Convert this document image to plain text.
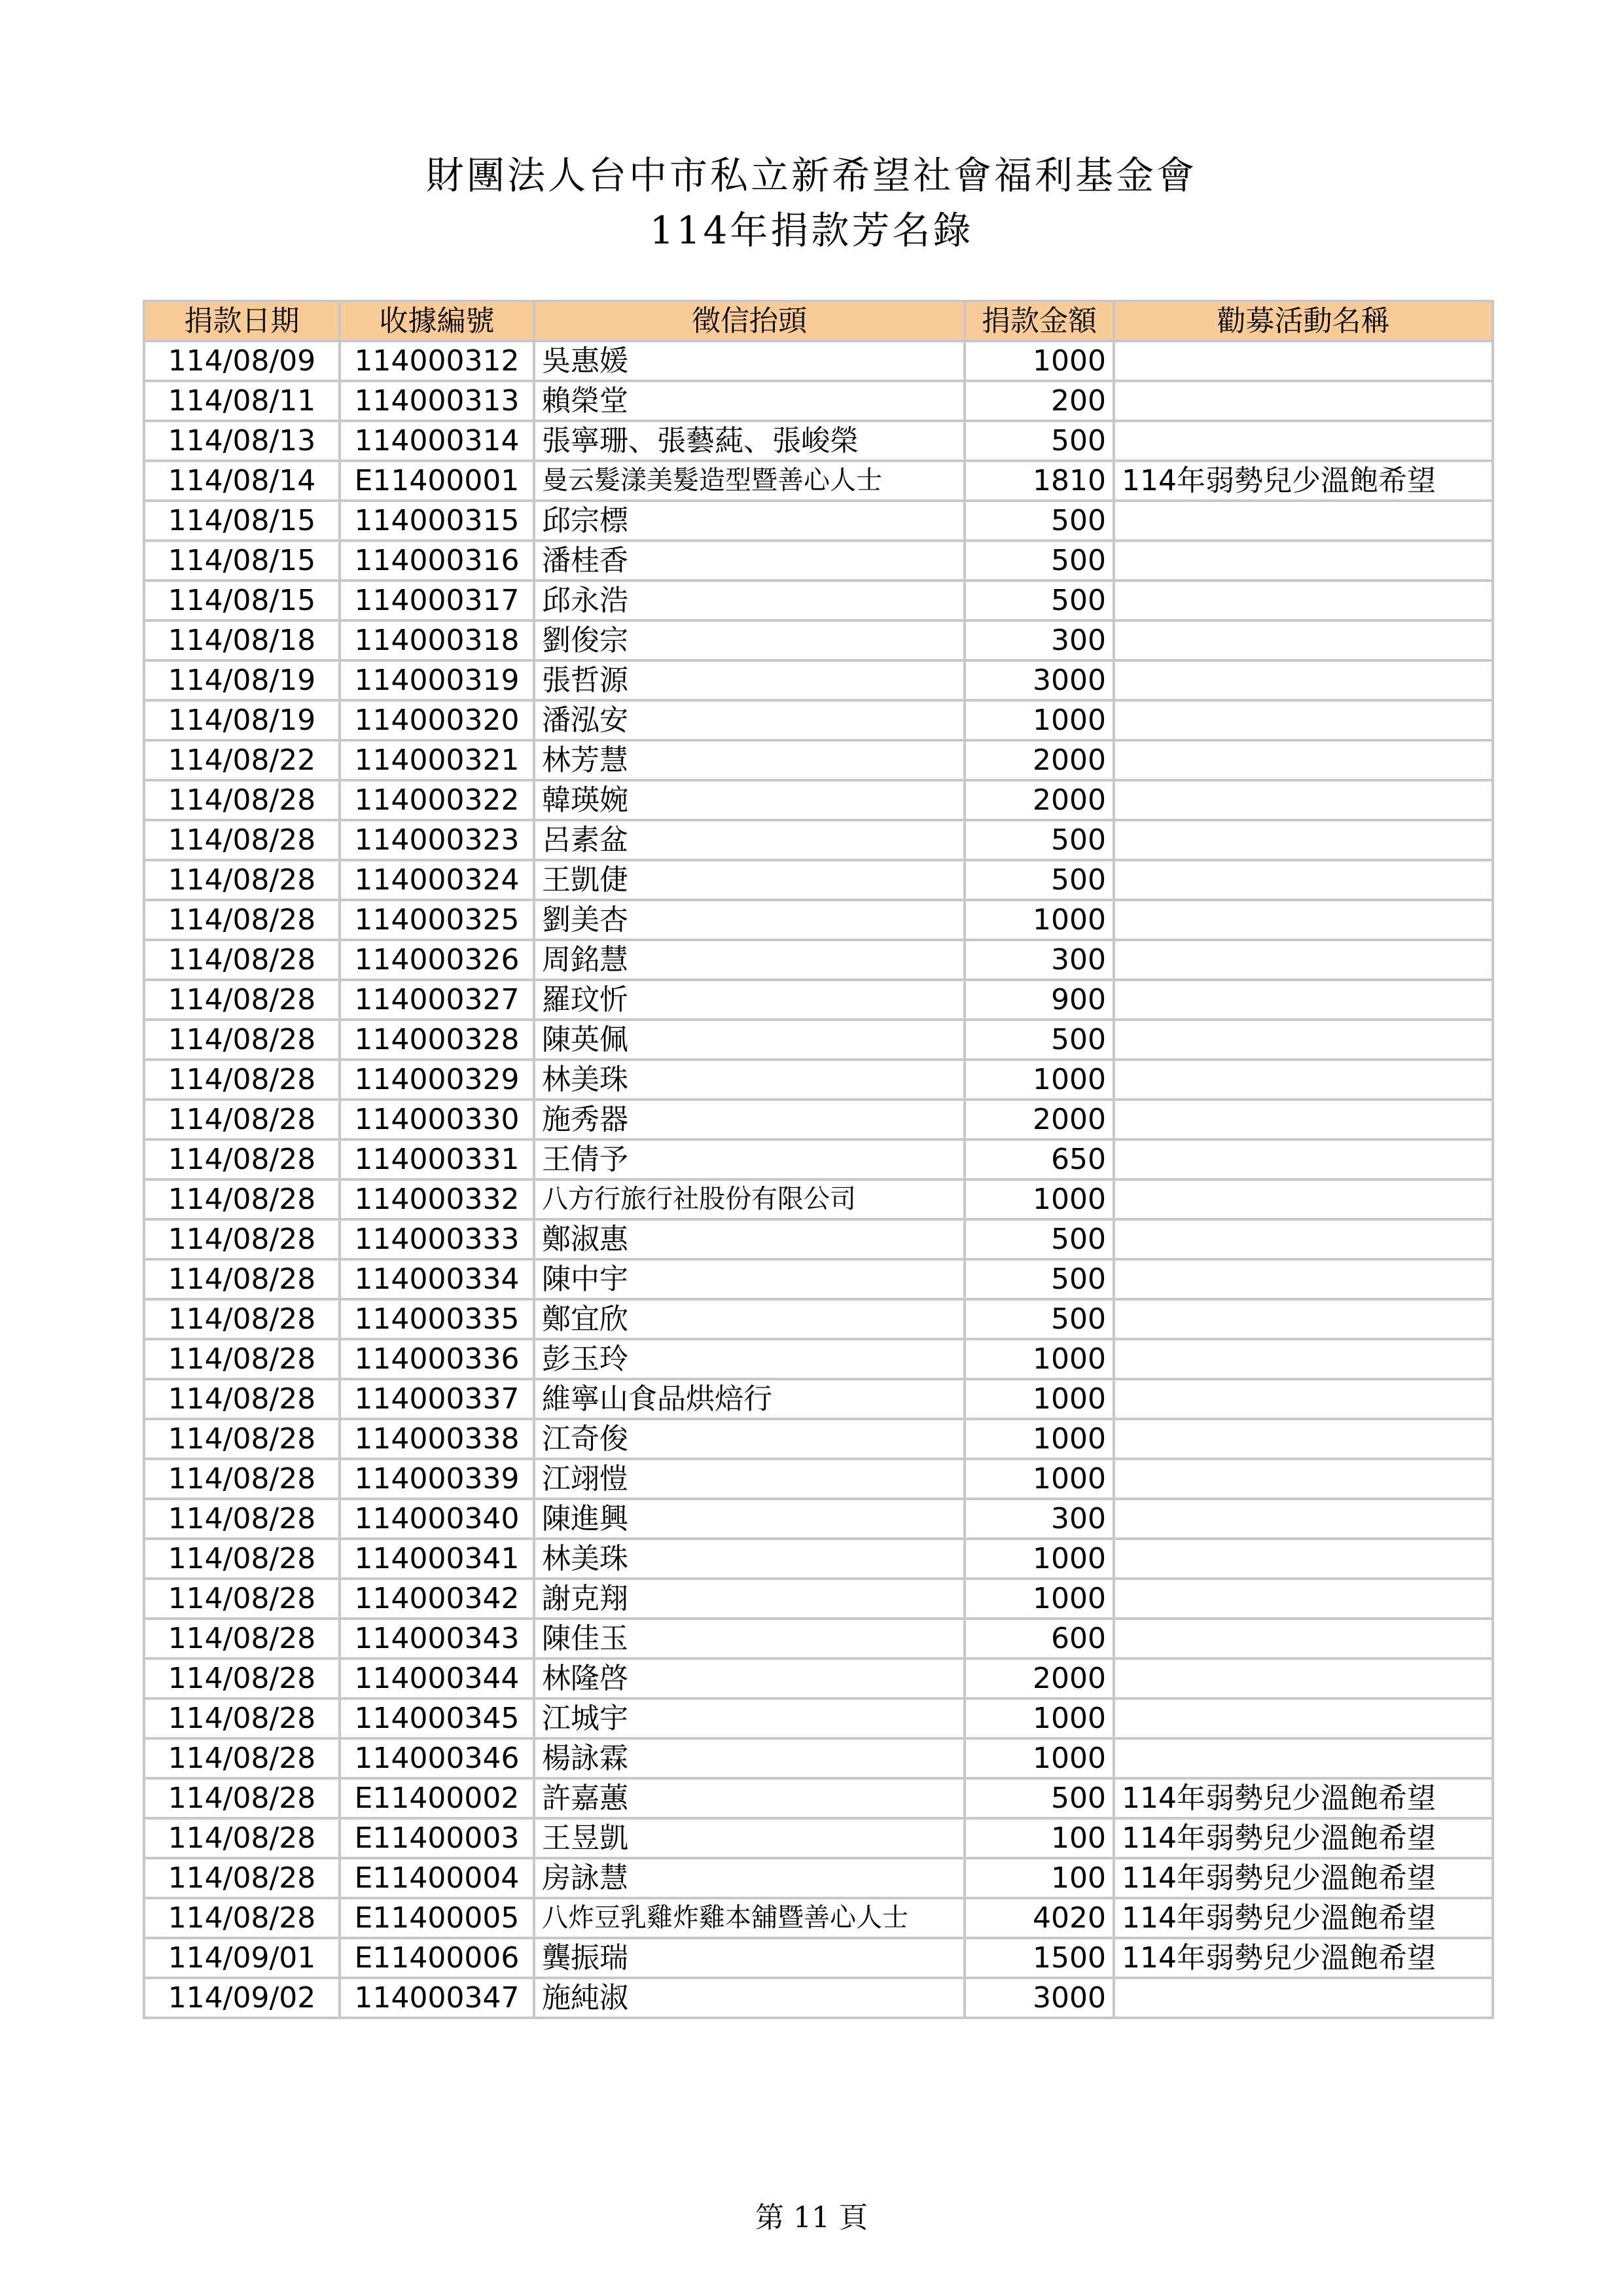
財團法人台中市私立新希望社會福利基金會
114年捐款芳名錄
捐款日期	收據編號	徵信抬頭	捐款金額	勸募活動名稱
114/08/09	114000312	吳惠媛	1000	
114/08/11	114000313	賴榮堂	200	
114/08/13	114000314	張寧珊、張藝蒓、張峻榮	500	
114/08/14	E11400001	曼云髮漾美髮造型暨善心人士	1810	114年弱勢兒少溫飽希望
114/08/15	114000315	邱宗標	500	
114/08/15	114000316	潘桂香	500	
114/08/15	114000317	邱永浩	500	
114/08/18	114000318	劉俊宗	300	
114/08/19	114000319	張哲源	3000	
114/08/19	114000320	潘泓安	1000	
114/08/22	114000321	林芳慧	2000	
114/08/28	114000322	韓瑛婉	2000	
114/08/28	114000323	呂素盆	500	
114/08/28	114000324	王凱倢	500	
114/08/28	114000325	劉美杏	1000	
114/08/28	114000326	周銘慧	300	
114/08/28	114000327	羅玟忻	900	
114/08/28	114000328	陳英佩	500	
114/08/28	114000329	林美珠	1000	
114/08/28	114000330	施秀器	2000	
114/08/28	114000331	王倩予	650	
114/08/28	114000332	八方行旅行社股份有限公司	1000	
114/08/28	114000333	鄭淑惠	500	
114/08/28	114000334	陳中宇	500	
114/08/28	114000335	鄭宜欣	500	
114/08/28	114000336	彭玉玲	1000	
114/08/28	114000337	維寧山食品烘焙行	1000	
114/08/28	114000338	江奇俊	1000	
114/08/28	114000339	江翊愷	1000	
114/08/28	114000340	陳進興	300	
114/08/28	114000341	林美珠	1000	
114/08/28	114000342	謝克翔	1000	
114/08/28	114000343	陳佳玉	600	
114/08/28	114000344	林隆啓	2000	
114/08/28	114000345	江城宇	1000	
114/08/28	114000346	楊詠霖	1000	
114/08/28	E11400002	許嘉蕙	500	114年弱勢兒少溫飽希望
114/08/28	E11400003	王昱凱	100	114年弱勢兒少溫飽希望
114/08/28	E11400004	房詠慧	100	114年弱勢兒少溫飽希望
114/08/28	E11400005	八炸豆乳雞炸雞本舖暨善心人士	4020	114年弱勢兒少溫飽希望
114/09/01	E11400006	龔振瑞	1500	114年弱勢兒少溫飽希望
114/09/02	114000347	施純淑	3000	
第 11 頁
